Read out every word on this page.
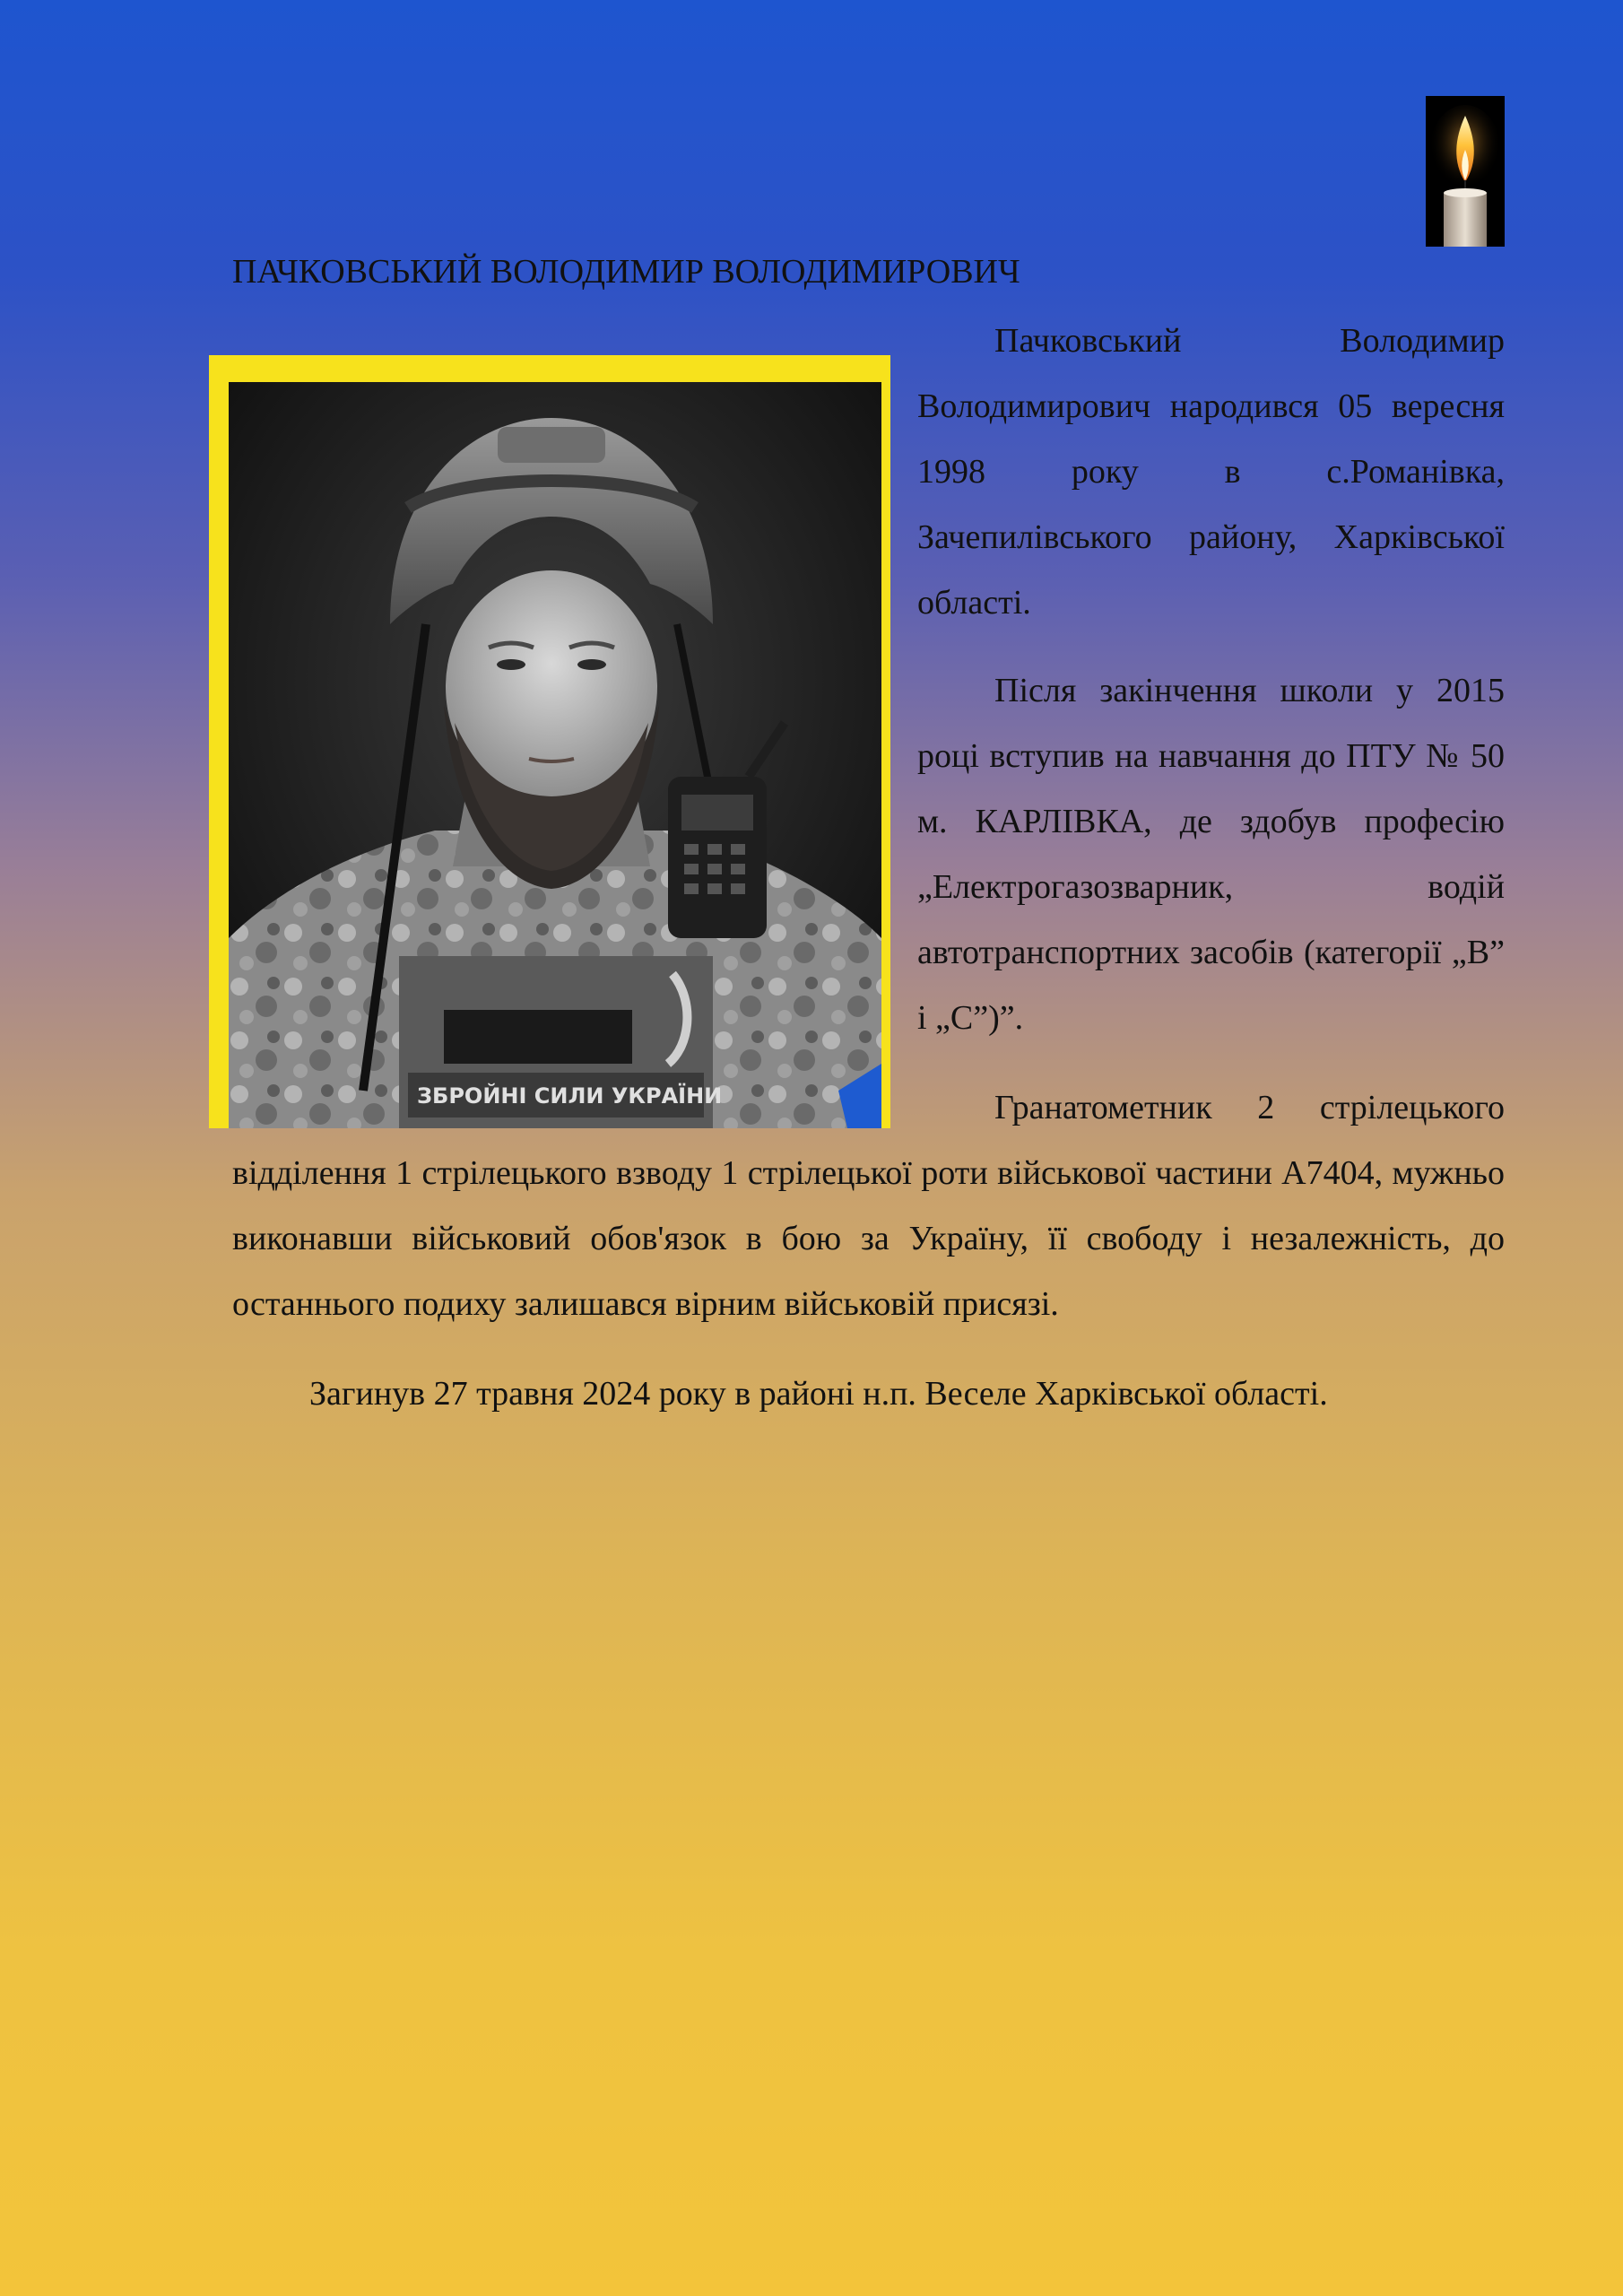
ПАЧКОВСЬКИЙ ВОЛОДИМИР ВОЛОДИМИРОВИЧ
ЗБРОЙНІ СИЛИ УКРАЇНИ

Пачковський Володимир Володимирович народився 05 вересня 1998 року в с.Романівка, Зачепилівського району, Харківської області.

Після закінчення школи у 2015 році вступив на навчання до ПТУ № 50 м. КАРЛІВКА, де здобув професію „Електрогазозварник, водій автотранспортних засобів (категорії „В” і „С”)”.

Гранатометник 2 стрілецького

відділення 1 стрілецького взводу 1 стрілецької роти військової частини А7404, мужньо виконавши військовий обов'язок в бою за Україну, її свободу і незалежність, до останнього подиху залишався вірним військовій присязі.

Загинув 27 травня 2024 року в районі н.п. Веселе Харківської області.
